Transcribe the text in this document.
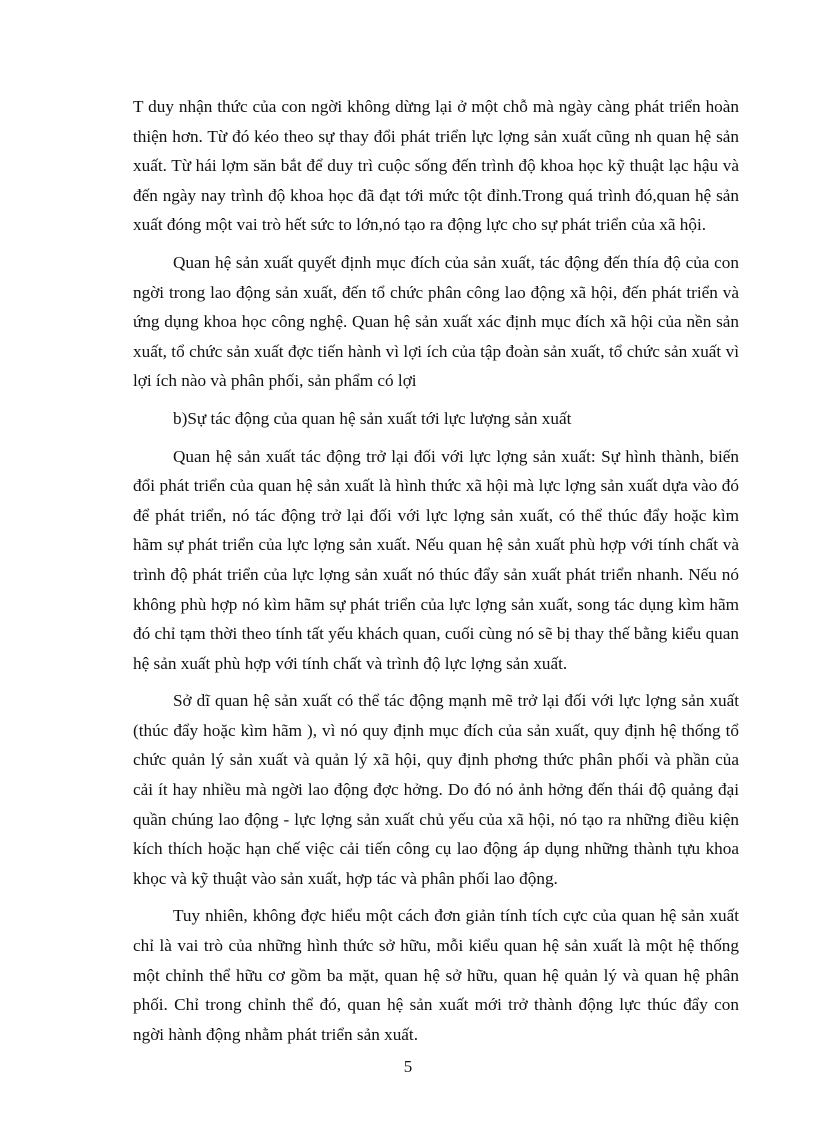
T duy nhận thức của con ngời không dừng lại ở một chỗ mà ngày càng phát triển hoàn thiện hơn. Từ đó kéo theo sự thay đổi phát triển lực lợng sản xuất cũng nh quan hệ sản xuất. Từ hái lợm săn bắt để duy trì cuộc sống đến trình độ khoa học kỹ thuật lạc hậu và đến ngày nay trình độ khoa học đã đạt tới mức tột đỉnh.Trong quá trình đó,quan hệ sản xuất đóng một vai trò hết sức to lớn,nó tạo ra động lực cho sự phát triển của xã hội.

Quan hệ sản xuất quyết định mục đích của sản xuất, tác động đến thía độ của con ngời trong lao động sản xuất, đến tổ chức phân công lao động xã hội, đến phát triển và ứng dụng khoa học công nghệ. Quan hệ sản xuất xác định mục đích xã hội của nền sản xuất, tổ chức sản xuất đợc tiến hành vì lợi ích của tập đoàn sản xuất, tổ chức sản xuất vì lợi ích nào và phân phối, sản phẩm có lợi

b)Sự tác động của quan hệ sản xuất tới lực lượng sản xuất

Quan hệ sản xuất tác động trở lại đối với lực lợng sản xuất: Sự hình thành, biến đổi phát triển của quan hệ sản xuất là hình thức xã hội mà lực lợng sản xuất dựa vào đó để phát triển, nó tác động trở lại đối với lực lợng sản xuất, có thể thúc đẩy hoặc kìm hãm sự phát triển của lực lợng sản xuất. Nếu quan hệ sản xuất phù hợp với tính chất và trình độ phát triển của lực lợng sản xuất nó thúc đẩy sản xuất phát triển nhanh. Nếu nó không phù hợp nó kìm hãm sự phát triển của lực lợng sản xuất, song tác dụng kìm hãm đó chỉ tạm thời theo tính tất yếu khách quan, cuối cùng nó sẽ bị thay thế bằng kiểu quan hệ sản xuất phù hợp với tính chất và trình độ lực lợng sản xuất.

Sở dĩ quan hệ sản xuất có thể tác động mạnh mẽ trở lại đối với lực lợng sản xuất (thúc đẩy hoặc kìm hãm ), vì nó quy định mục đích của sản xuất, quy định hệ thống tổ chức quản lý sản xuất và quản lý xã hội, quy định phơng thức phân phối và phần của cải ít hay nhiều mà ngời lao động đợc hởng. Do đó nó ảnh hởng đến thái độ quảng đại quần chúng lao động - lực lợng sản xuất chủ yếu của xã hội, nó tạo ra những điều kiện kích thích hoặc hạn chế việc cải tiến công cụ lao động áp dụng những thành tựu khoa khọc và kỹ thuật vào sản xuất, hợp tác và phân phối lao động.

Tuy nhiên, không đợc hiểu một cách đơn giản tính tích cực của quan hệ sản xuất chỉ là vai trò của những hình thức sở hữu, mỗi kiểu quan hệ sản xuất là một hệ thống một chỉnh thể hữu cơ gồm ba mặt, quan hệ sở hữu, quan hệ quản lý và quan hệ phân phối. Chỉ trong chỉnh thể đó, quan hệ sản xuất mới trở thành động lực thúc đẩy con ngời hành động nhằm phát triển sản xuất.

5
